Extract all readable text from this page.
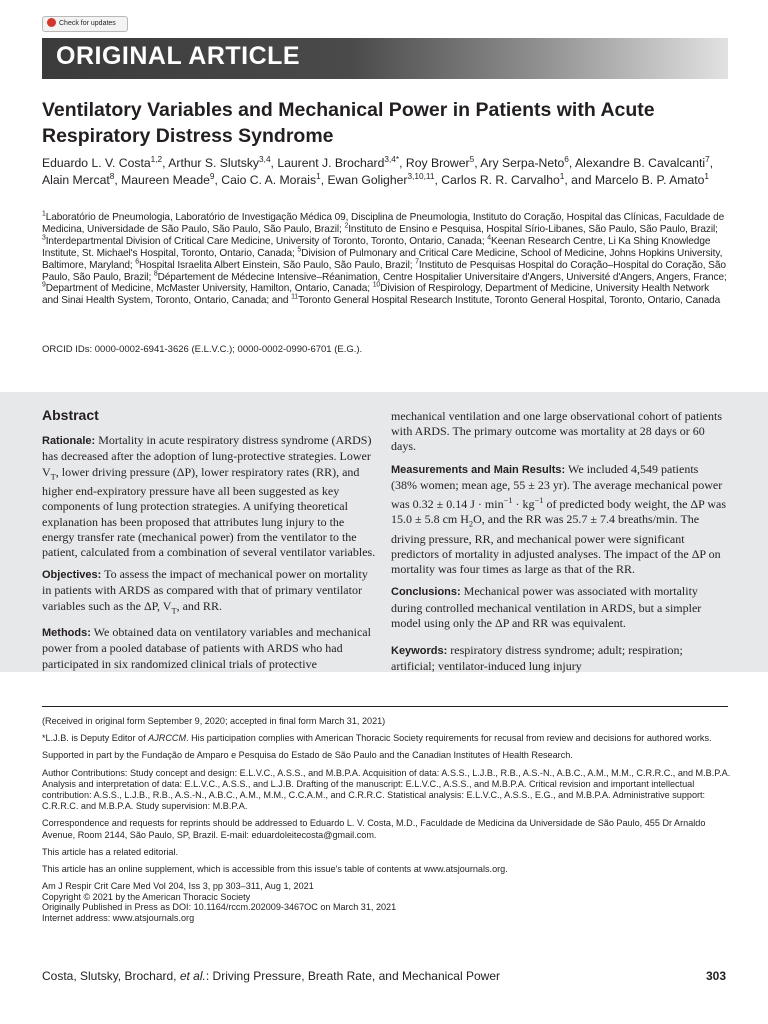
Check for updates
ORIGINAL ARTICLE
Ventilatory Variables and Mechanical Power in Patients with Acute Respiratory Distress Syndrome
Eduardo L. V. Costa$^{1,2}$, Arthur S. Slutsky$^{3,4}$, Laurent J. Brochard$^{3,4*}$, Roy Brower$^5$, Ary Serpa-Neto$^6$, Alexandre B. Cavalcanti$^7$, Alain Mercat$^8$, Maureen Meade$^9$, Caio C. A. Morais$^1$, Ewan Goligher$^{3,10,11}$, Carlos R. R. Carvalho$^1$, and Marcelo B. P. Amato$^1$
$^1$Laboratório de Pneumologia, Laboratório de Investigação Médica 09, Disciplina de Pneumologia, Instituto do Coração, Hospital das Clínicas, Faculdade de Medicina, Universidade de São Paulo, São Paulo, São Paulo, Brazil; $^2$Instituto de Ensino e Pesquisa, Hospital Sírio-Libanes, São Paulo, São Paulo, Brazil; $^3$Interdepartmental Division of Critical Care Medicine, University of Toronto, Toronto, Ontario, Canada; $^4$Keenan Research Centre, Li Ka Shing Knowledge Institute, St. Michael's Hospital, Toronto, Ontario, Canada; $^5$Division of Pulmonary and Critical Care Medicine, School of Medicine, Johns Hopkins University, Baltimore, Maryland; $^6$Hospital Israelita Albert Einstein, São Paulo, São Paulo, Brazil; $^7$Instituto de Pesquisas Hospital do Coração–Hospital do Coração, São Paulo, São Paulo, Brazil; $^8$Département de Médecine Intensive–Réanimation, Centre Hospitalier Universitaire d'Angers, Université d'Angers, Angers, France; $^9$Department of Medicine, McMaster University, Hamilton, Ontario, Canada; $^{10}$Division of Respirology, Department of Medicine, University Health Network and Sinai Health System, Toronto, Ontario, Canada; and $^{11}$Toronto General Hospital Research Institute, Toronto General Hospital, Toronto, Ontario, Canada
ORCID IDs: 0000-0002-6941-3626 (E.L.V.C.); 0000-0002-0990-6701 (E.G.).
Abstract

Rationale: Mortality in acute respiratory distress syndrome (ARDS) has decreased after the adoption of lung-protective strategies. Lower $V_T$, lower driving pressure (ΔP), lower respiratory rates (RR), and higher end-expiratory pressure have all been suggested as key components of lung protection strategies. A unifying theoretical explanation has been proposed that attributes lung injury to the energy transfer rate (mechanical power) from the ventilator to the patient, calculated from a combination of several ventilator variables.

Objectives: To assess the impact of mechanical power on mortality in patients with ARDS as compared with that of primary ventilator variables such as the ΔP, $V_T$, and RR.

Methods: We obtained data on ventilatory variables and mechanical power from a pooled database of patients with ARDS who had participated in six randomized clinical trials of protective

mechanical ventilation and one large observational cohort of patients with ARDS. The primary outcome was mortality at 28 days or 60 days.

Measurements and Main Results: We included 4,549 patients (38% women; mean age, 55 ± 23 yr). The average mechanical power was 0.32 ± 0.14 $J \cdot \min^{-1} \cdot kg^{-1}$ of predicted body weight, the ΔP was 15.0 ± 5.8 cm $H_2O$, and the RR was 25.7 ± 7.4 breaths/min. The driving pressure, RR, and mechanical power were significant predictors of mortality in adjusted analyses. The impact of the ΔP on mortality was four times as large as that of the RR.

Conclusions: Mechanical power was associated with mortality during controlled mechanical ventilation in ARDS, but a simpler model using only the ΔP and RR was equivalent.

Keywords: respiratory distress syndrome; adult; respiration; artificial; ventilator-induced lung injury

(Received in original form September 9, 2020; accepted in final form March 31, 2021)

*L.J.B. is Deputy Editor of AJRCCM. His participation complies with American Thoracic Society requirements for recusal from review and decisions for authored works.

Supported in part by the Fundação de Amparo e Pesquisa do Estado de São Paulo and the Canadian Institutes of Health Research.

Author Contributions: Study concept and design: E.L.V.C., A.S.S., and M.B.P.A. Acquisition of data: A.S.S., L.J.B., R.B., A.S.-N., A.B.C., A.M., M.M., C.R.R.C., and M.B.P.A. Analysis and interpretation of data: E.L.V.C., A.S.S., and L.J.B. Drafting of the manuscript: E.L.V.C., A.S.S., and M.B.P.A. Critical revision and important intellectual contribution: A.S.S., L.J.B., R.B., A.S.-N., A.B.C., A.M., M.M., C.C.A.M., and C.R.R.C. Statistical analysis: E.L.V.C., A.S.S., E.G., and M.B.P.A. Administrative support: C.R.R.C. and M.B.P.A. Study supervision: M.B.P.A.

Correspondence and requests for reprints should be addressed to Eduardo L. V. Costa, M.D., Faculdade de Medicina da Universidade de São Paulo, 455 Dr Arnaldo Avenue, Room 2144, São Paulo, SP, Brazil. E-mail: eduardoleitecosta@gmail.com.

This article has a related editorial.

This article has an online supplement, which is accessible from this issue's table of contents at www.atsjournals.org.

Am J Respir Crit Care Med Vol 204, Iss 3, pp 303–311, Aug 1, 2021

Copyright © 2021 by the American Thoracic Society

Originally Published in Press as DOI: 10.1164/rccm.202009-3467OC on March 31, 2021

Internet address: www.atsjournals.org

Costa, Slutsky, Brochard, et al.: Driving Pressure, Breath Rate, and Mechanical Power	303
